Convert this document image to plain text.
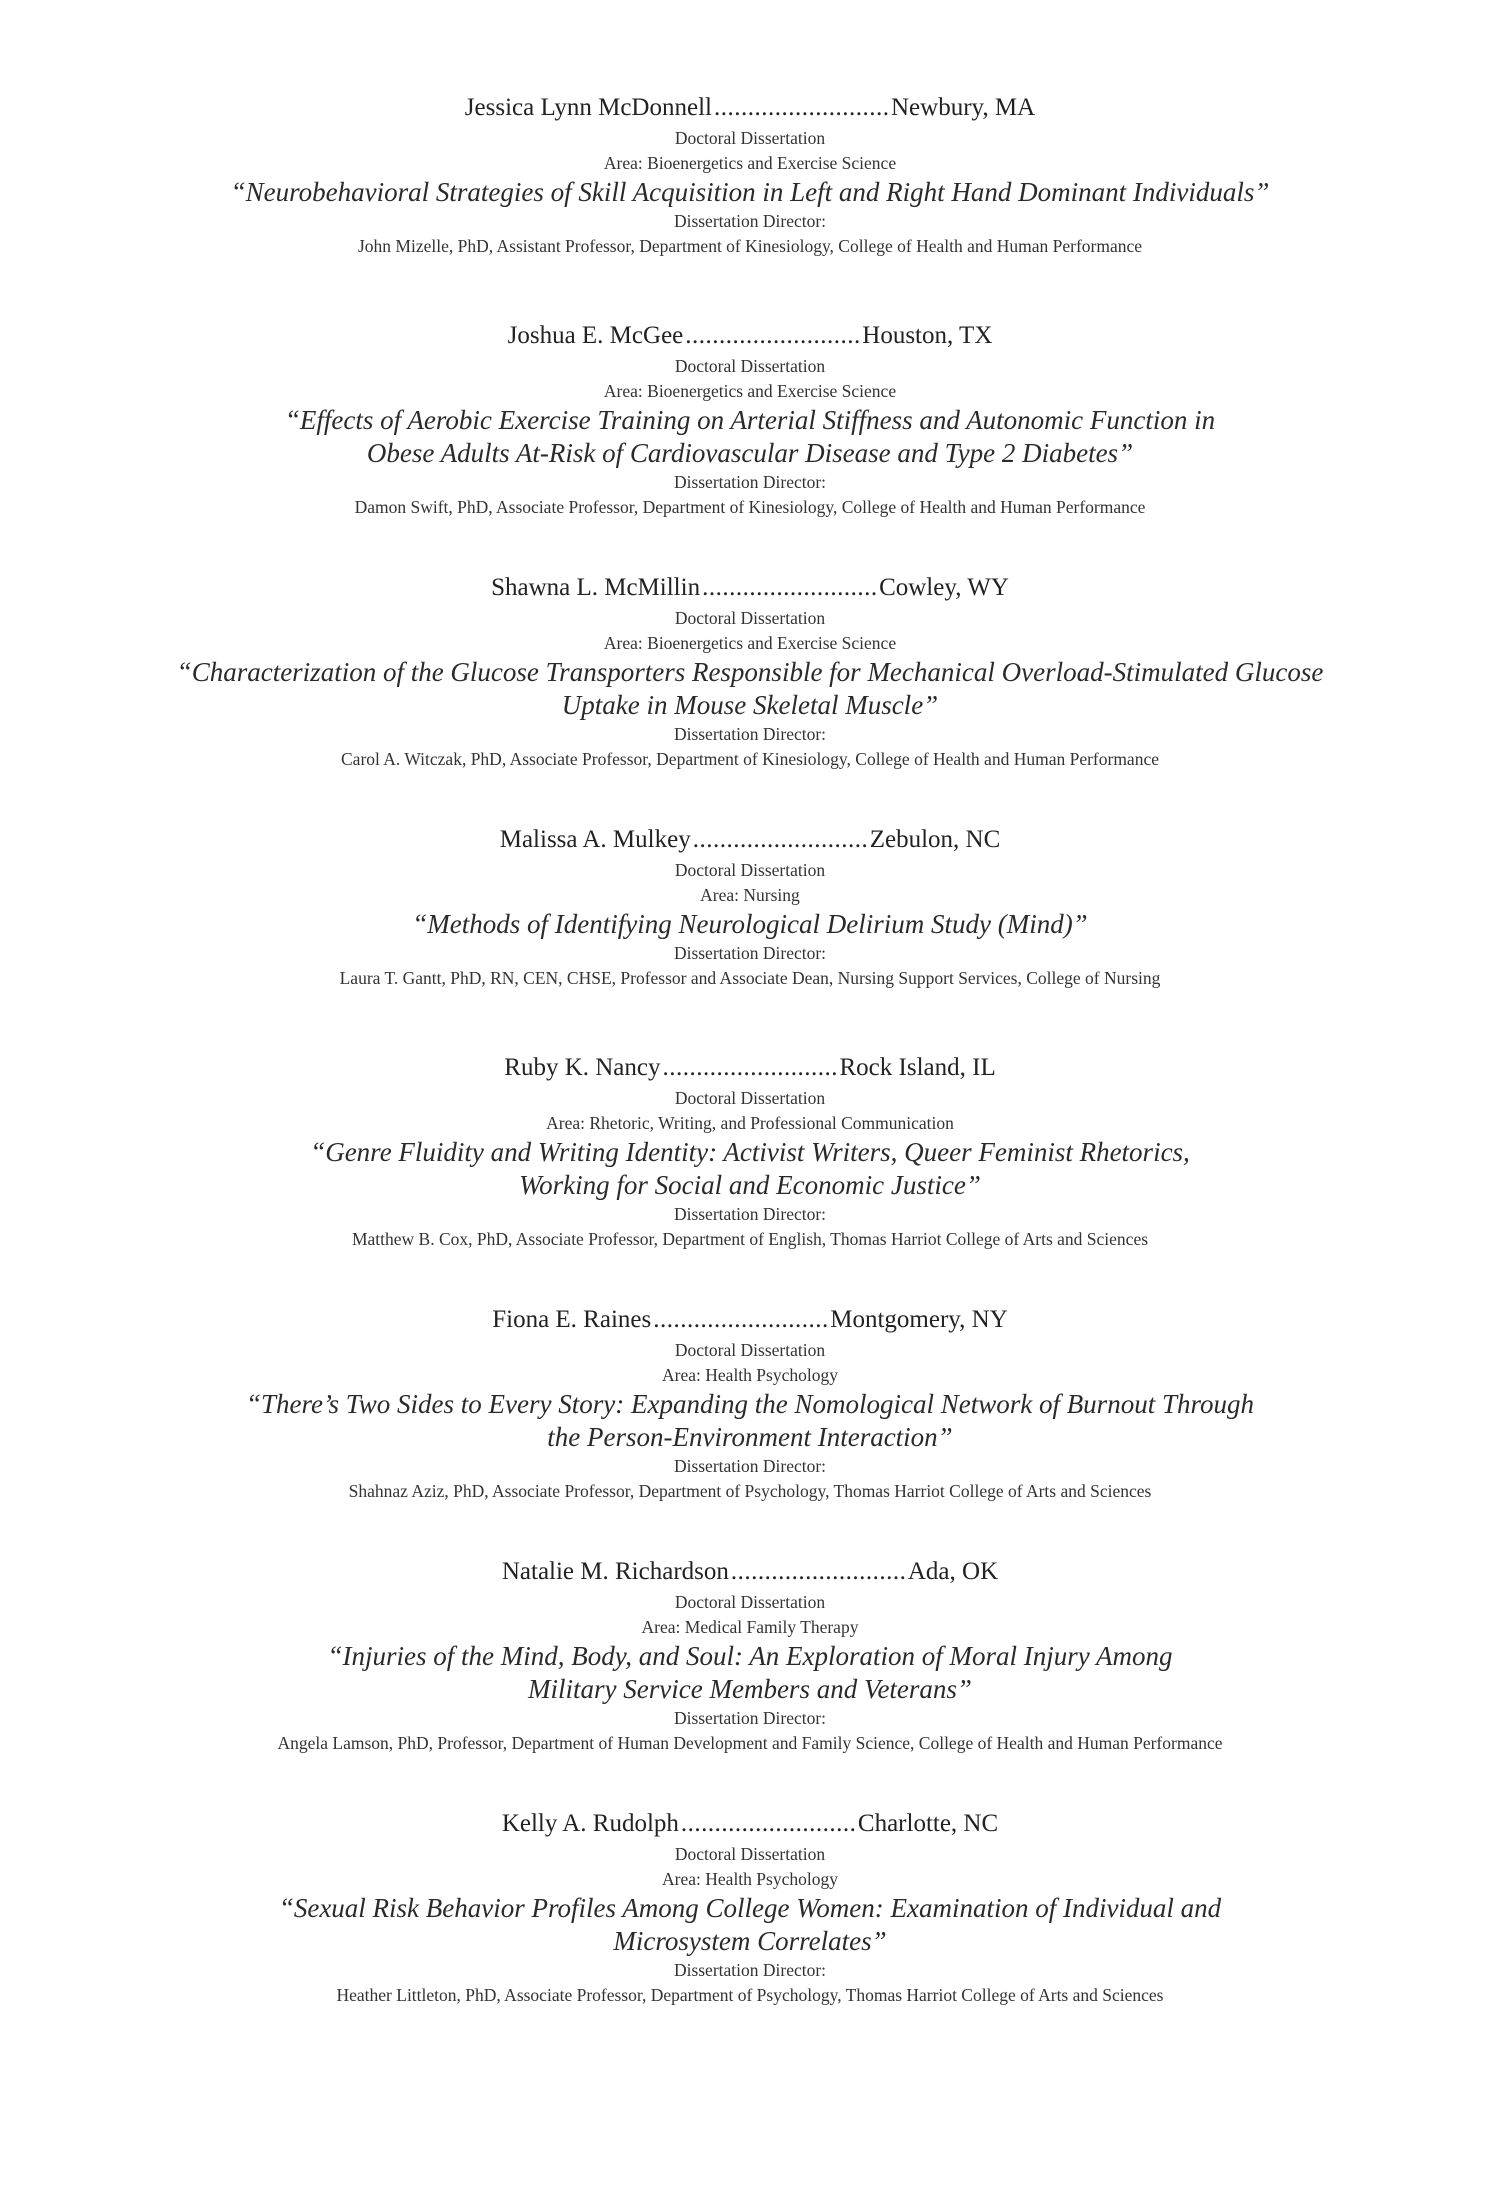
Jessica Lynn McDonnell .....	Newbury, MA
Doctoral Dissertation
Area: Bioenergetics and Exercise Science
“Neurobehavioral Strategies of Skill Acquisition in Left and Right Hand Dominant Individuals”
Dissertation Director:
John Mizelle, PhD, Assistant Professor, Department of Kinesiology, College of Health and Human Performance
Joshua E. McGee .....	Houston, TX
Doctoral Dissertation
Area: Bioenergetics and Exercise Science
“Effects of Aerobic Exercise Training on Arterial Stiffness and Autonomic Function in
Obese Adults At-Risk of Cardiovascular Disease and Type 2 Diabetes”
Dissertation Director:
Damon Swift, PhD, Associate Professor, Department of Kinesiology, College of Health and Human Performance
Shawna L. McMillin .....	Cowley, WY
Doctoral Dissertation
Area: Bioenergetics and Exercise Science
“Characterization of the Glucose Transporters Responsible for Mechanical Overload-Stimulated Glucose
Uptake in Mouse Skeletal Muscle”
Dissertation Director:
Carol A. Witczak, PhD, Associate Professor, Department of Kinesiology, College of Health and Human Performance
Malissa A. Mulkey .....	Zebulon, NC
Doctoral Dissertation
Area: Nursing
“Methods of Identifying Neurological Delirium Study (Mind)”
Dissertation Director:
Laura T. Gantt, PhD, RN, CEN, CHSE, Professor and Associate Dean, Nursing Support Services, College of Nursing
Ruby K. Nancy .....	Rock Island, IL
Doctoral Dissertation
Area: Rhetoric, Writing, and Professional Communication
“Genre Fluidity and Writing Identity: Activist Writers, Queer Feminist Rhetorics,
Working for Social and Economic Justice”
Dissertation Director:
Matthew B. Cox, PhD, Associate Professor, Department of English, Thomas Harriot College of Arts and Sciences
Fiona E. Raines .....	Montgomery, NY
Doctoral Dissertation
Area: Health Psychology
“There’s Two Sides to Every Story: Expanding the Nomological Network of Burnout Through
the Person-Environment Interaction”
Dissertation Director:
Shahnaz Aziz, PhD, Associate Professor, Department of Psychology, Thomas Harriot College of Arts and Sciences
Natalie M. Richardson .....	Ada, OK
Doctoral Dissertation
Area: Medical Family Therapy
“Injuries of the Mind, Body, and Soul: An Exploration of Moral Injury Among
Military Service Members and Veterans”
Dissertation Director:
Angela Lamson, PhD, Professor, Department of Human Development and Family Science, College of Health and Human Performance
Kelly A. Rudolph .....	Charlotte, NC
Doctoral Dissertation
Area: Health Psychology
“Sexual Risk Behavior Profiles Among College Women: Examination of Individual and
Microsystem Correlates”
Dissertation Director:
Heather Littleton, PhD, Associate Professor, Department of Psychology, Thomas Harriot College of Arts and Sciences
